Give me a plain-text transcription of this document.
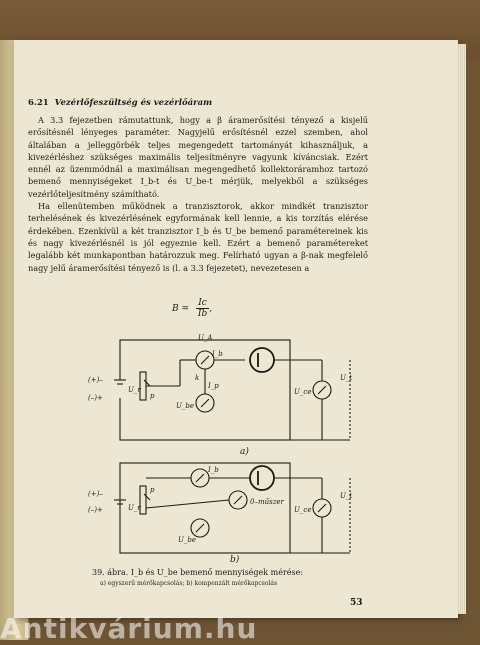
6.21 Vezérlőfeszültség és vezérlőáram

A 3.3 fejezetben rámutattunk, hogy a β áramerősítési tényező a kisjelű erősítésnél lényeges paraméter. Nagyjelű erősítésnél ezzel szemben, ahol általában a jelleggörbék teljes megengedett tartományát kihasználjuk, a kivezérléshez szükséges maximális teljesítményre vagyunk kíváncsiak. Ezért ennél az üzemmódnál a maximálisan megengedhető kollektoráramhoz tartozó bemenő mennyiségeket I_b-t és U_be-t mérjük, melyekből a szükséges vezérlőteljesítmény számítható.

Ha ellenütemben működnek a tranzisztorok, akkor mindkét tranzisztor terhelésének és kivezérlésének egyformának kell lennie, a kis torzítás elérése érdekében. Ezenkívül a két tranzisztor I_b és U_be bemenő paramétereinek kis és nagy kivezérlésnél is jól egyeznie kell. Ezért a bemenő paramétereket legalább két munkapontban határozzuk meg. Felírható ugyan a β-nak megfelelő nagy jelű áramerősítési tényező is (l. a 3.3 fejezetet), nevezetesen a

$B = \frac{Ic}{Ib}$ ,
U_A
I_b
I_p
U_be
U_ce
U_t
(+)–
(–)+
U_r
p
k
a)
I_b
0–műszer
U_be
U_ce
U_t
(+)–
(–)+	U_r
p
b)
39. ábra. I_b és U_be bemenő mennyiségek mérése:
a) egyszerű mérőkapcsolás; b) kompenzált mérőkapcsolás
53
Antikvárium.hu
